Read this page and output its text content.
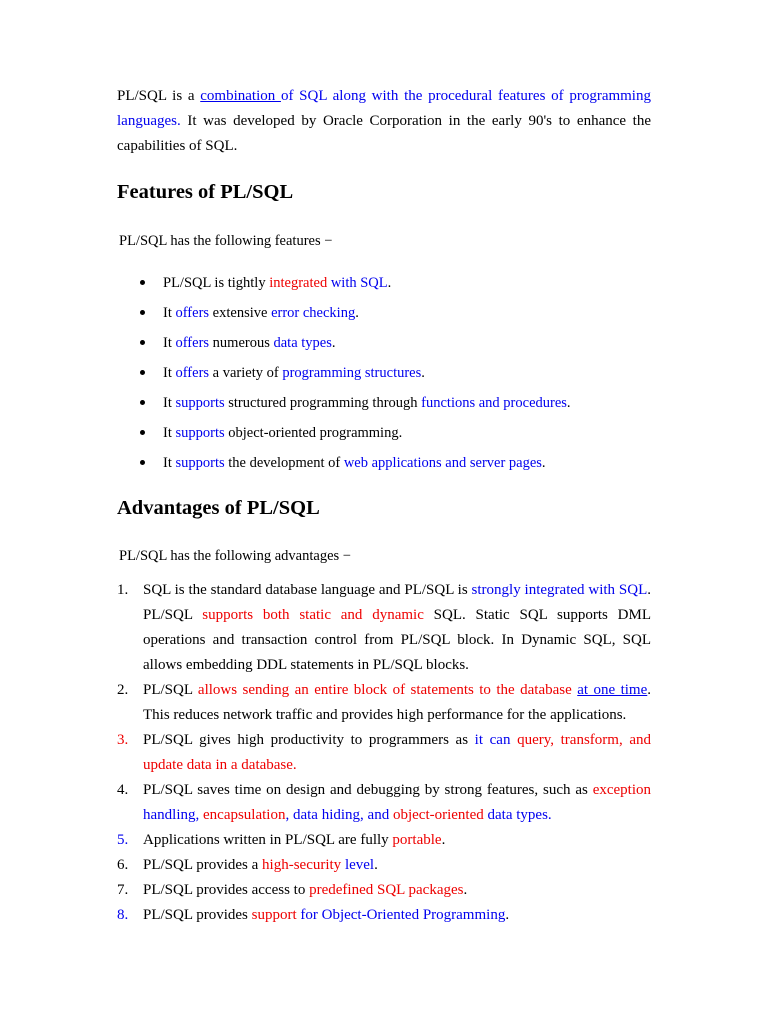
PL/SQL is a combination of SQL along with the procedural features of programming languages. It was developed by Oracle Corporation in the early 90's to enhance the capabilities of SQL.

Features of PL/SQL

PL/SQL has the following features −

PL/SQL is tightly integrated with SQL.
It offers extensive error checking.
It offers numerous data types.
It offers a variety of programming structures.
It supports structured programming through functions and procedures.
It supports object-oriented programming.
It supports the development of web applications and server pages.
Advantages of PL/SQL

PL/SQL has the following advantages −

1. SQL is the standard database language and PL/SQL is strongly integrated with SQL. PL/SQL supports both static and dynamic SQL. Static SQL supports DML operations and transaction control from PL/SQL block. In Dynamic SQL, SQL allows embedding DDL statements in PL/SQL blocks.
2. PL/SQL allows sending an entire block of statements to the database at one time. This reduces network traffic and provides high performance for the applications.
3. PL/SQL gives high productivity to programmers as it can query, transform, and update data in a database.
4. PL/SQL saves time on design and debugging by strong features, such as exception handling, encapsulation, data hiding, and object-oriented data types.
5. Applications written in PL/SQL are fully portable.
6. PL/SQL provides a high-security level.
7. PL/SQL provides access to predefined SQL packages.
8. PL/SQL provides support for Object-Oriented Programming.
